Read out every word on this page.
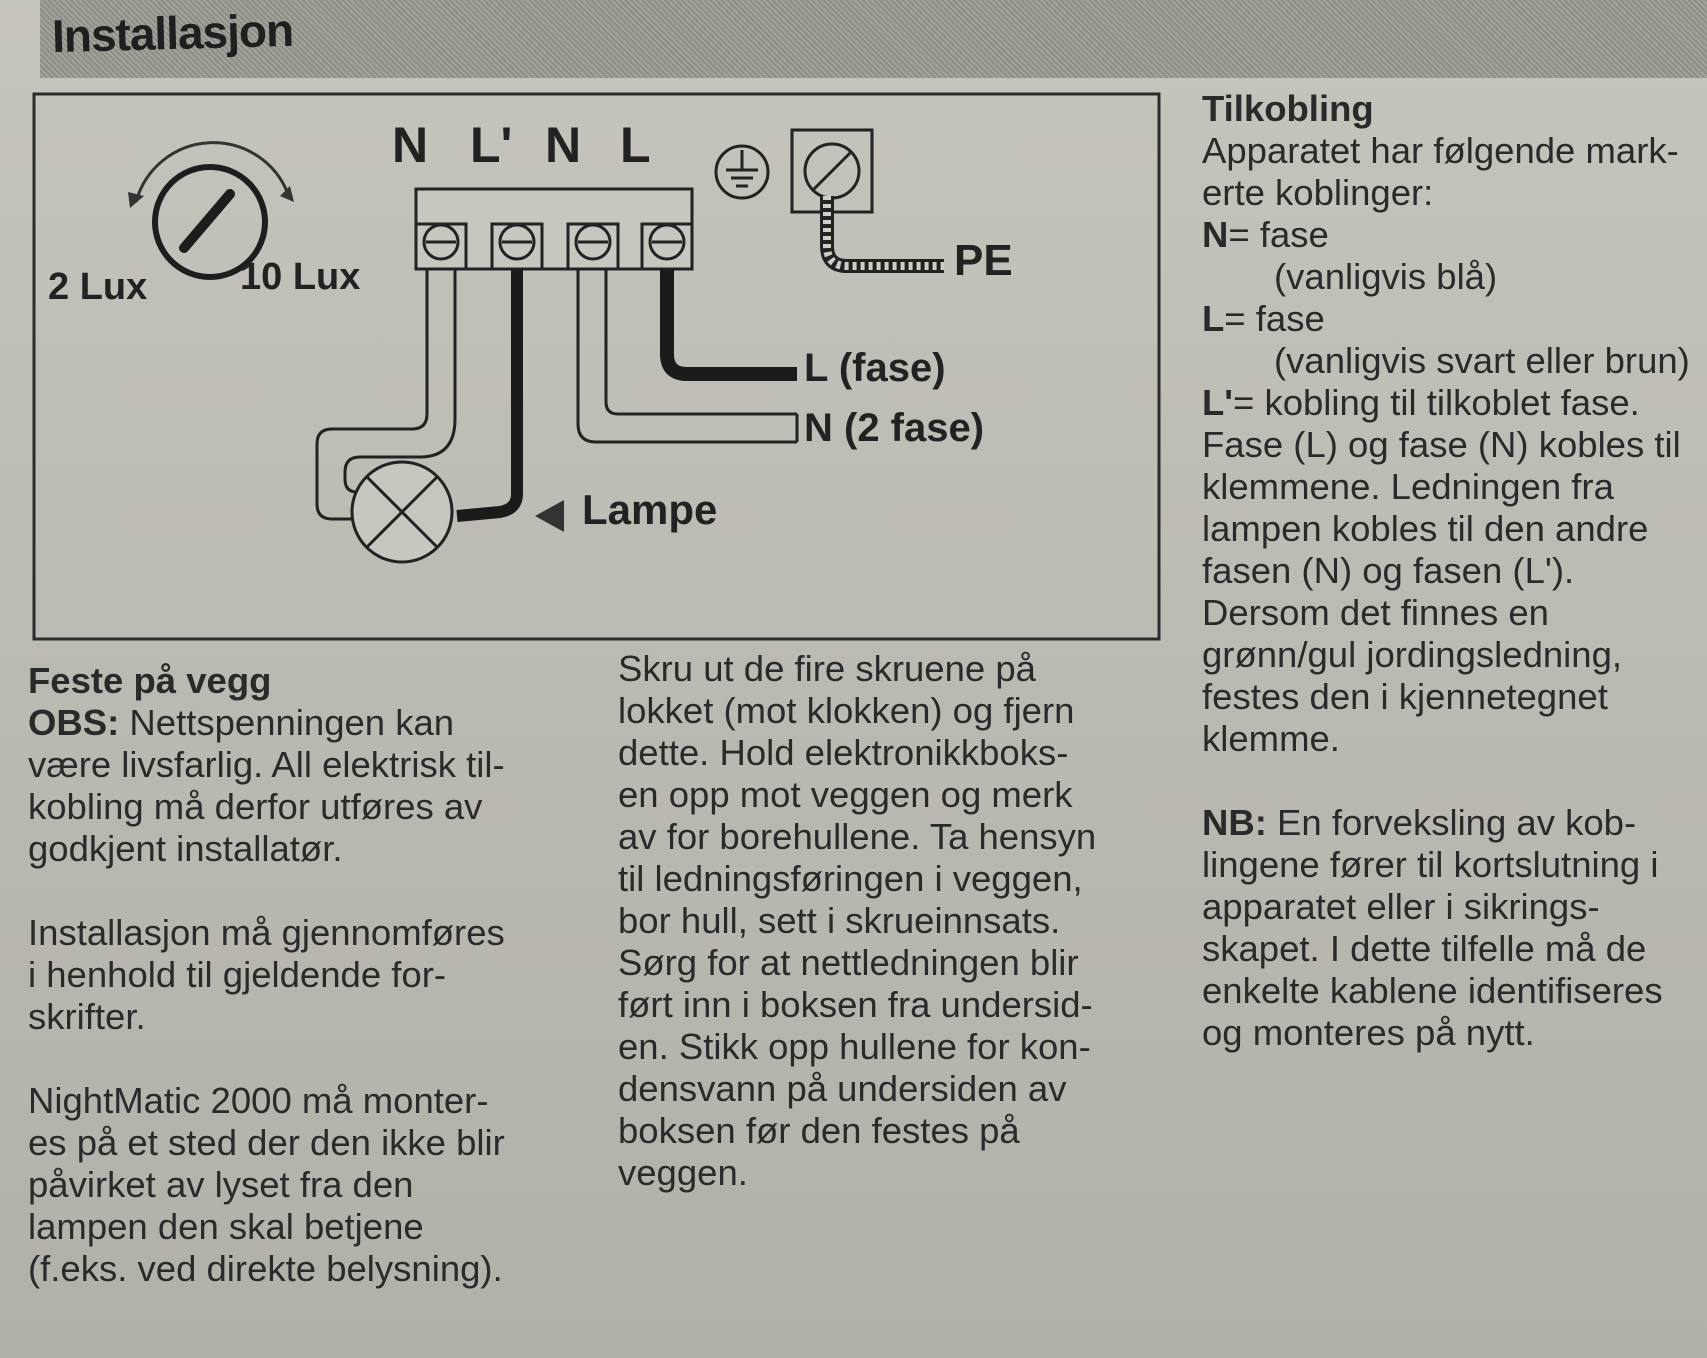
Installasjon
2 Lux 10 Lux
N L' N L
PE
L (fase)
N (2 fase)
Lampe

Tilkobling

Apparatet har følgende mark-

erte koblinger:

N= fase

(vanligvis blå)

L= fase

(vanligvis svart eller brun)

L'= kobling til tilkoblet fase.

Fase (L) og fase (N) kobles til

klemmene. Ledningen fra

lampen kobles til den andre

fasen (N) og fasen (L').

Dersom det finnes en

grønn/gul jordingsledning,

festes den i kjennetegnet

klemme.

NB: En forveksling av kob-

lingene fører til kortslutning i

apparatet eller i sikrings-

skapet. I dette tilfelle må de

enkelte kablene identifiseres

og monteres på nytt.

Feste på vegg

OBS: Nettspenningen kan

være livsfarlig. All elektrisk til-

kobling må derfor utføres av

godkjent installatør.

Installasjon må gjennomføres

i henhold til gjeldende for-

skrifter.

NightMatic 2000 må monter-

es på et sted der den ikke blir

påvirket av lyset fra den

lampen den skal betjene

(f.eks. ved direkte belysning).

Skru ut de fire skruene på

lokket (mot klokken) og fjern

dette. Hold elektronikkboks-

en opp mot veggen og merk

av for borehullene. Ta hensyn

til ledningsføringen i veggen,

bor hull, sett i skrueinnsats.

Sørg for at nettledningen blir

ført inn i boksen fra undersid-

en. Stikk opp hullene for kon-

densvann på undersiden av

boksen før den festes på

veggen.
